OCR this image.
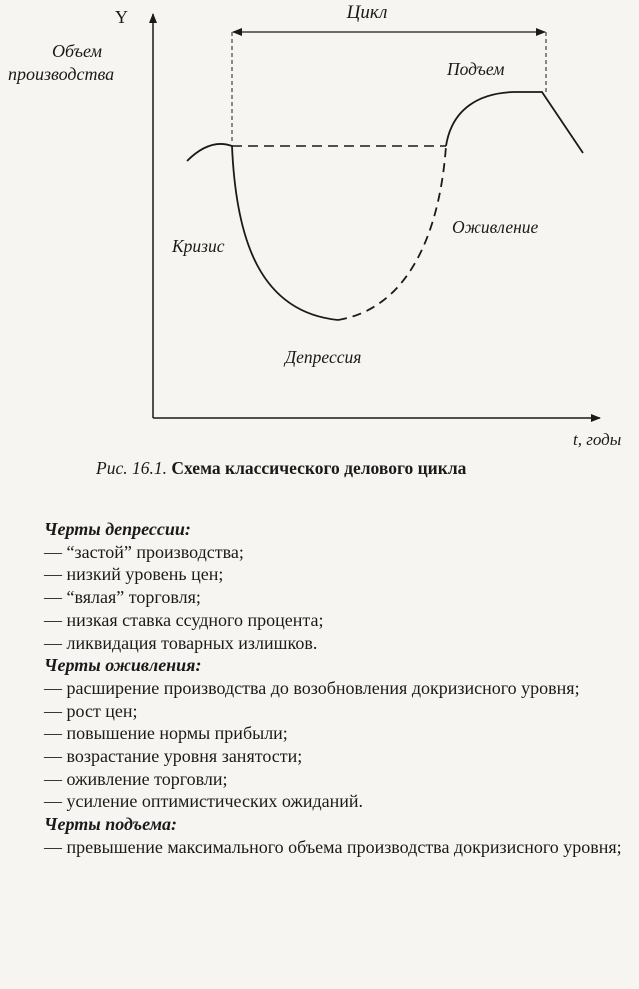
Y
Объем
производства
t, годы
Цикл
Кризис
Депрессия
Оживление
Подъем
Рис. 16.1. Схема классического делового цикла
Черты депрессии:
— “застой” производства;
— низкий уровень цен;
— “вялая” торговля;
— низкая ставка ссудного процента;
— ликвидация товарных излишков.
Черты оживления:
— расширение производства до возобновления докризисного уровня;
— рост цен;
— повышение нормы прибыли;
— возрастание уровня занятости;
— оживление торговли;
— усиление оптимистических ожиданий.
Черты подъема:
— превышение максимального объема производства докризисного уровня;
